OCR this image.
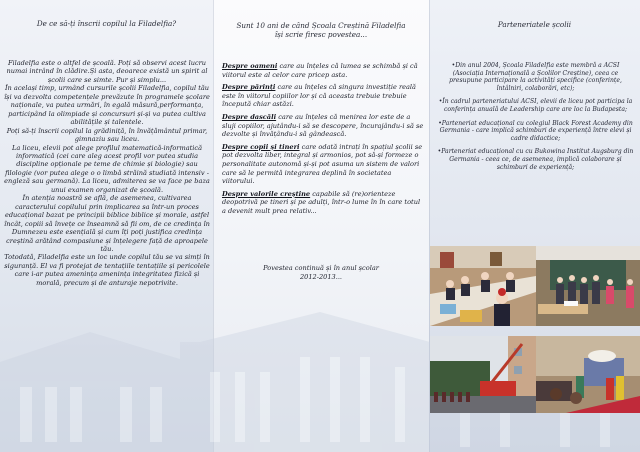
De ce să-ți înscrii copilul la Filadelfia?

Filadelfia este o altfel de școală. Poți să observi acest lucru numai intrând în clădire.Și asta, deoarece există un spirit al școlii care se simte. Pur și simplu...

În același timp, urmând cursurile școlii Filadelfia, copilul tău își va dezvolta competențele prevăzute în programele școlare naționale, va putea urmări, în egală măsură,performanța, participând la olimpiade și concursuri și-și va putea cultiva abilitățile și talentele.

Poți să-ți înscrii copilul la grădiniță, în învățământul primar, gimnaziu sau liceu.

La liceu, elevii pot alege profilul matematică-informatică informatică (cei care aleg acest profil vor putea studia discipline opționale pe teme de chimie și biologie) sau filologie (vor putea alege o o limbă străină studiată intensiv - engleză sau germană). La liceu, admiterea se va face pe baza unui examen organizat de școală.

În atenția noastră se află, de asemenea, cultivarea caracterului copilului prin implicarea sa într-un proces educațional bazat pe principii biblice biblice și morale, astfel încât, copiii să învețe ce înseamnă să fii om, de ce credința în Dumnezeu este esențială și cum îți poți justifica credința creștină arătând compasiune și înțelegere față de aproapele tău.

Totodată, Filadelfia este un loc unde copilul tău se va simți în siguranță. El va fi protejat de tentațiile tentațiile și pericolele care i-ar putea amenința amenința integritatea fizică și morală, precum și de anturaje nepotrivite.

Sunt 10 ani de când Școala Creștină Filadelfia
își scrie firesc povestea...

Despre oameni care au înțeles că lumea se schimbă și că viitorul este al celor care pricep asta.

Despre părinți care au înțeles că singura investiție reală este în viitorul copiilor lor și că aceasta trebuie trebuie începută chiar astăzi.

Despre dascăli care au înțeles că menirea lor este de a sluji copiilor, ajutându-i să se descopere, încurajându-i să se dezvolte și învățându-i să gândească.

Despre copii și tineri care odată intrați în spațiul școlii se pot dezvolta liber, integral și armonios, pot să-și formeze o personalitate autonomă și-și pot asuma un sistem de valori care să le permită integrarea deplină în societatea viitorului.

Despre valorile creștine capabile să (re)orienteze deopotrivă pe tineri și pe adulți, într-o lume în în care totul a devenit mult prea relativ...

Povestea continuă și în anul școlar
2012-2013...
Parteneriatele școlii

•Din anul 2004, Școala Filadelfia este membră a ACSI (Asociația Internațională a Școlilor Creștine), ceea ce presupune participare la activități specifice (conferințe, întâlniri, colaborări, etc);

•În cadrul parteneriatului ACSI, elevii de liceu pot participa la conferința anuală de Leadership care are loc la Budapesta;

•Parteneriat educațional cu colegiul Black Forest Academy din Germania - care implică schimburi de experiență între elevi și cadre didactice;

•Parteneriat educațional cu cu Bukowina Institut Augsburg din Germania - ceea ce, de asemenea, implică colaborare și schimburi de experiență;
